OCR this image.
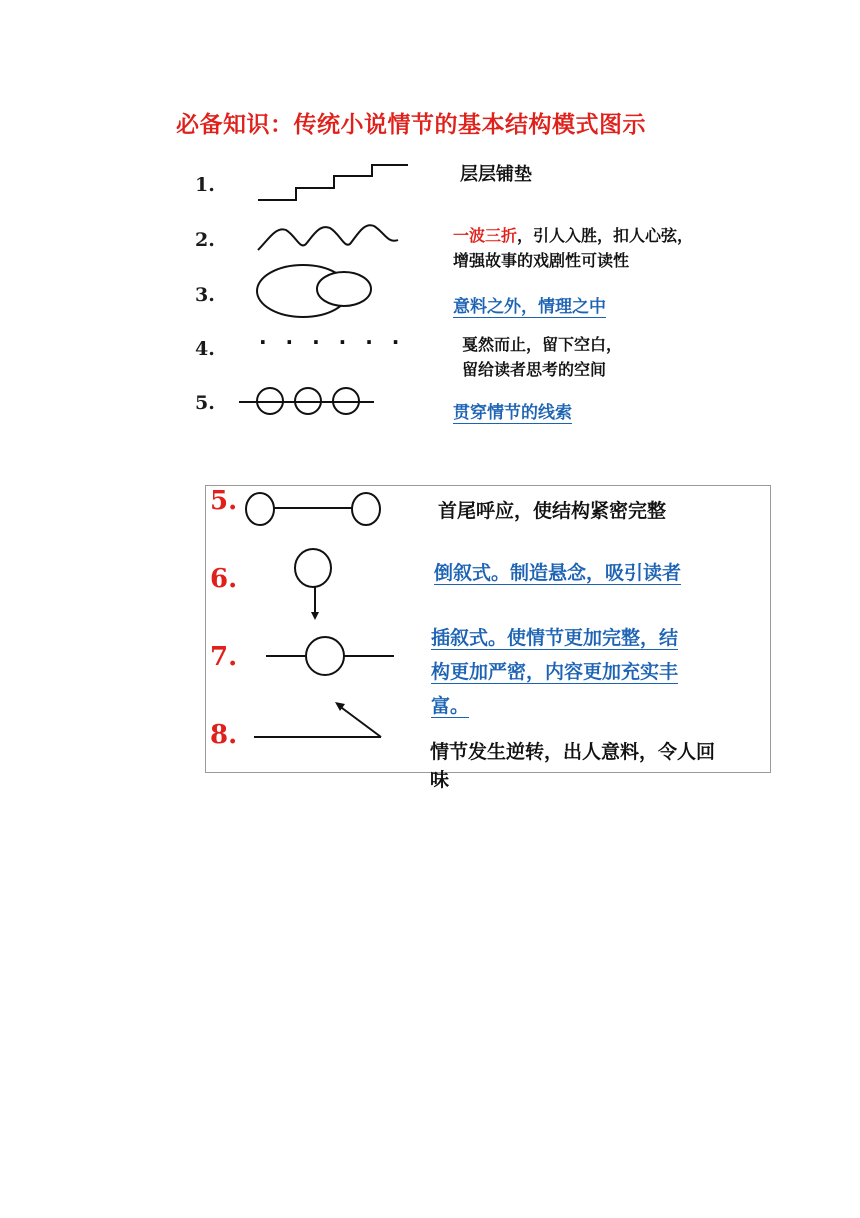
必备知识：传统小说情节的基本结构模式图示
1.	层层铺垫
2.	一波三折，引人入胜，扣人心弦，
增强故事的戏剧性可读性
3.
意料之外，情理之中
4. · · · · · ·	戛然而止，留下空白，
留给读者思考的空间
5.	贯穿情节的线索
5.	首尾呼应，使结构紧密完整
6.	倒叙式。制造悬念，吸引读者
7.
插叙式。使情节更加完整，结
构更加严密，内容更加充实丰
富。
8.
情节发生逆转，出人意料，令人回
味
